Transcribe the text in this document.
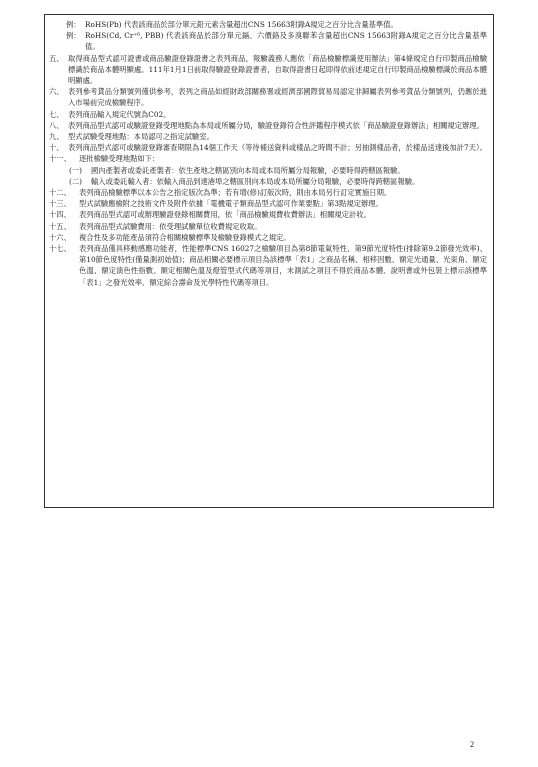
例： RoHS(Pb) 代表該商品於部分單元鉛元素含量超出CNS 15663附錄A規定之百分比含量基準值。
例： RoHS(Cd, Cr⁺⁶, PBB) 代表該商品於部分單元鎘、六價鉻及多溴聯苯含量超出CNS 15663附錄A規定之百分比含量基準值。
五、 取得商品型式認可證書或商品驗證登錄證書之表列商品，報驗義務人應依「商品檢驗標識使用辦法」第4條規定自行印製商品檢驗標識於商品本體明顯處。111年1月1日前取得驗證登錄證書者，自取得證書日起即得依前述規定自行印製商品檢驗標識於商品本體明顯處。
六、 表列參考貨品分類號列僅供參考，表列之商品如經財政部關務署或經濟部國際貿易局認定非歸屬表列參考貨品分類號列，仍應於進入市場前完成檢驗程序。
七、 表列商品輸入規定代號為C02。
八、 表列商品型式認可或驗證登錄受理地點為本局或所屬分局，驗證登錄符合性評鑑程序模式依「商品驗證登錄辦法」相關規定辦理。
九、 型式試驗受理地點：本局認可之指定試驗室。
十、 表列商品型式認可或驗證登錄審查期限為14個工作天（等待補送資料或樣品之時間不計；另抽測樣品者，於樣品送達後加計7天）。
十一、	逐批檢驗受理地點如下：
(一)	國內產製者或委託產製者：依生產地之轄區別向本局或本局所屬分局報驗，必要時得跨轄區報驗。
(二)	輸入或委託輸入者：依輸入商品到達港埠之轄區別向本局或本局所屬分局報驗，必要時得跨轄區報驗。
十二、	表列商品檢驗標準以本公告之指定版次為準；若有增(修)訂版次時，則由本局另行訂定實施日期。
十三、	型式試驗應檢附之技術文件及附件依據「電機電子類商品型式認可作業要點」第3點規定辦理。
十四、	表列商品型式認可或辦理驗證登錄相關費用，依「商品檢驗規費收費辦法」相關規定計收。
十五、	表列商品型式試驗費用：依受理試驗單位收費規定收取。
十六、	複合性及多功能產品須符合相關檢驗標準及檢驗登錄模式之規定。
十七、	表列商品僅具移動感應功能者，性能標準CNS 16027之檢驗項目為第8節電氣特性、第9節光度特性(排除第9.2節發光效率)、第10節色度特性(僅量測初始值)；商品相關必要標示項目為該標準「表1」之商品名稱、相移因數、額定光通量、光束角、額定色溫、額定演色性指數、額定相關色溫及燈管型式代碼等項目，未測試之項目不得於商品本體、說明書或外包裝上標示該標準「表1」之發光效率、額定綜合壽命及光學特性代碼等項目。
2
